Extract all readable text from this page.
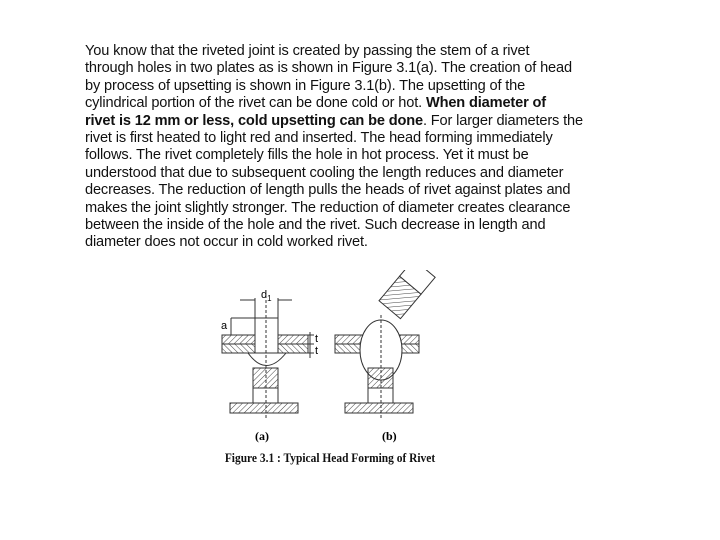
You know that the riveted joint is created by passing the stem of a rivet
through holes in two plates as is shown in Figure 3.1(a). The creation of head
by process of upsetting is shown in Figure 3.1(b). The upsetting of the
cylindrical portion of the rivet can be done cold or hot. When diameter of
rivet is 12 mm or less, cold upsetting can be done. For larger diameters the
rivet is first heated to light red and inserted. The head forming immediately
follows. The rivet completely fills the hole in hot process. Yet it must be
understood that due to subsequent cooling the length reduces and diameter
decreases. The reduction of length pulls the heads of rivet against plates and
makes the joint slightly stronger. The reduction of diameter creates clearance
between the inside of the hole and the rivet. Such decrease in length and
diameter does not occur in cold worked rivet.
$d_1$
a
t
t
(a)	(b)
Figure 3.1 : Typical Head Forming of Rivet
